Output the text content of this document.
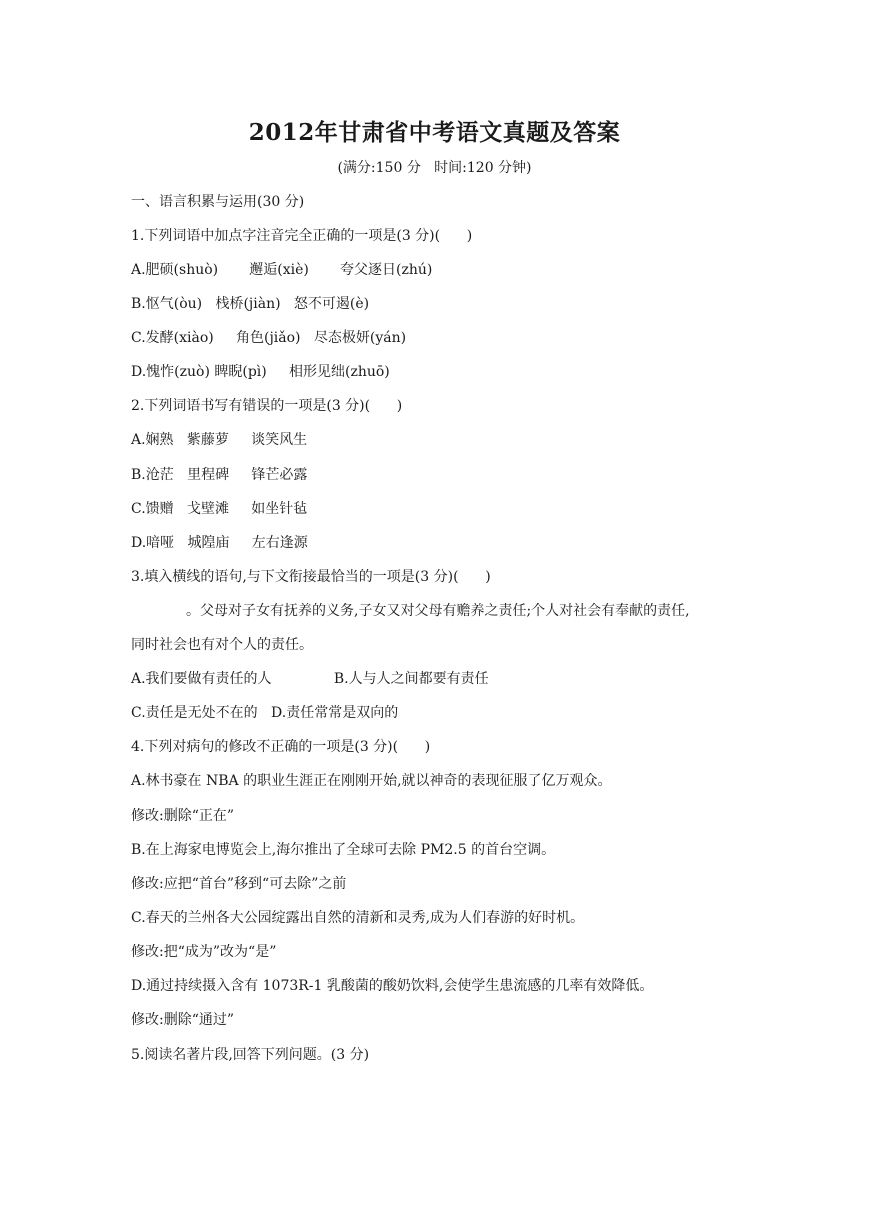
2012年甘肃省中考语文真题及答案
(满分:150 分   时间:120 分钟)
一、语言积累与运用(30 分)
1.下列词语中加点字注音完全正确的一项是(3 分)(      )
A.肥硕(shuò)       邂逅(xiè)       夸父逐日(zhú)
B.怄气(òu)   栈桥(jiàn)   怒不可遏(è)
C.发酵(xiào)     角色(jiǎo)   尽态极妍(yán)
D.愧怍(zuò) 睥睨(pì)     相形见绌(zhuō)
2.下列词语书写有错误的一项是(3 分)(      )
A.娴熟   紫藤萝     谈笑风生
B.沧茫   里程碑     锋芒必露
C.馈赠   戈壁滩     如坐针毡
D.喑哑   城隍庙     左右逢源
3.填入横线的语句,与下文衔接最恰当的一项是(3 分)(      )
。父母对子女有抚养的义务,子女又对父母有赡养之责任;个人对社会有奉献的责任,
同时社会也有对个人的责任。
A.我们要做有责任的人              B.人与人之间都要有责任
C.责任是无处不在的   D.责任常常是双向的
4.下列对病句的修改不正确的一项是(3 分)(      )
A.林书豪在 NBA 的职业生涯正在刚刚开始,就以神奇的表现征服了亿万观众。
修改:删除“正在”
B.在上海家电博览会上,海尔推出了全球可去除 PM2.5 的首台空调。
修改:应把“首台”移到“可去除”之前
C.春天的兰州各大公园绽露出自然的清新和灵秀,成为人们春游的好时机。
修改:把“成为”改为“是”
D.通过持续摄入含有 1073R-1 乳酸菌的酸奶饮料,会使学生患流感的几率有效降低。
修改:删除“通过”
5.阅读名著片段,回答下列问题。(3 分)
